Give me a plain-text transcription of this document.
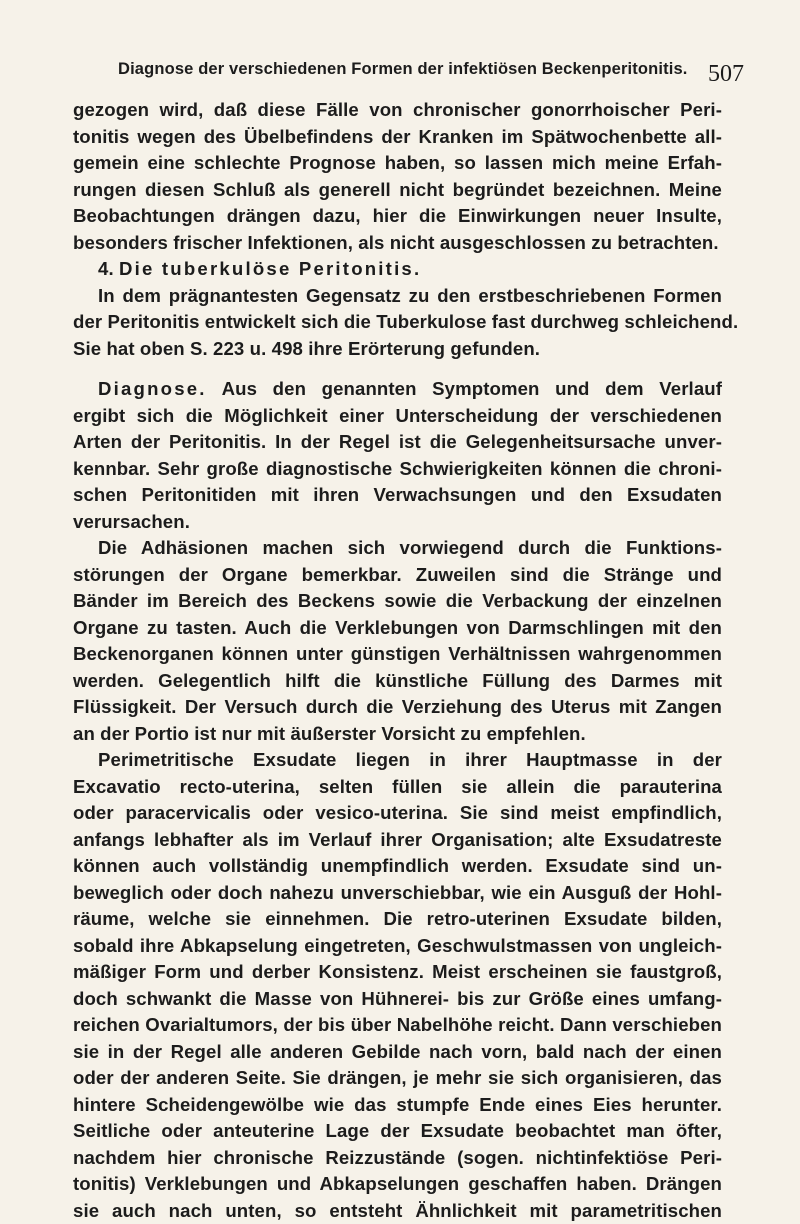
Diagnose der verschiedenen Formen der infektiösen Beckenperitonitis. 507
gezogen wird, daß diese Fälle von chronischer gonorrhoischer Peri-
tonitis wegen des Übelbefindens der Kranken im Spätwochenbette all-
gemein eine schlechte Prognose haben, so lassen mich meine Erfah-
rungen diesen Schluß als generell nicht begründet bezeichnen. Meine
Beobachtungen drängen dazu, hier die Einwirkungen neuer Insulte,
besonders frischer Infektionen, als nicht ausgeschlossen zu betrachten.
4. Die tuberkulöse Peritonitis.
In dem prägnantesten Gegensatz zu den erstbeschriebenen Formen
der Peritonitis entwickelt sich die Tuberkulose fast durchweg schleichend.
Sie hat oben S. 223 u. 498 ihre Erörterung gefunden.
Diagnose. Aus den genannten Symptomen und dem Verlauf
ergibt sich die Möglichkeit einer Unterscheidung der verschiedenen
Arten der Peritonitis. In der Regel ist die Gelegenheitsursache unver-
kennbar. Sehr große diagnostische Schwierigkeiten können die chroni-
schen Peritonitiden mit ihren Verwachsungen und den Exsudaten
verursachen.
Die Adhäsionen machen sich vorwiegend durch die Funktions-
störungen der Organe bemerkbar. Zuweilen sind die Stränge und
Bänder im Bereich des Beckens sowie die Verbackung der einzelnen
Organe zu tasten. Auch die Verklebungen von Darmschlingen mit den
Beckenorganen können unter günstigen Verhältnissen wahrgenommen
werden. Gelegentlich hilft die künstliche Füllung des Darmes mit
Flüssigkeit. Der Versuch durch die Verziehung des Uterus mit Zangen
an der Portio ist nur mit äußerster Vorsicht zu empfehlen.
Perimetritische Exsudate liegen in ihrer Hauptmasse in der
Excavatio recto-uterina, selten füllen sie allein die parauterina
oder paracervicalis oder vesico-uterina. Sie sind meist empfindlich,
anfangs lebhafter als im Verlauf ihrer Organisation; alte Exsudatreste
können auch vollständig unempfindlich werden. Exsudate sind un-
beweglich oder doch nahezu unverschiebbar, wie ein Ausguß der Hohl-
räume, welche sie einnehmen. Die retro-uterinen Exsudate bilden,
sobald ihre Abkapselung eingetreten, Geschwulstmassen von ungleich-
mäßiger Form und derber Konsistenz. Meist erscheinen sie faustgroß,
doch schwankt die Masse von Hühnerei- bis zur Größe eines umfang-
reichen Ovarialtumors, der bis über Nabelhöhe reicht. Dann verschieben
sie in der Regel alle anderen Gebilde nach vorn, bald nach der einen
oder der anderen Seite. Sie drängen, je mehr sie sich organisieren, das
hintere Scheidengewölbe wie das stumpfe Ende eines Eies herunter.
Seitliche oder anteuterine Lage der Exsudate beobachtet man öfter,
nachdem hier chronische Reizzustände (sogen. nichtinfektiöse Peri-
tonitis) Verklebungen und Abkapselungen geschaffen haben. Drängen
sie auch nach unten, so entsteht Ähnlichkeit mit parametritischen
